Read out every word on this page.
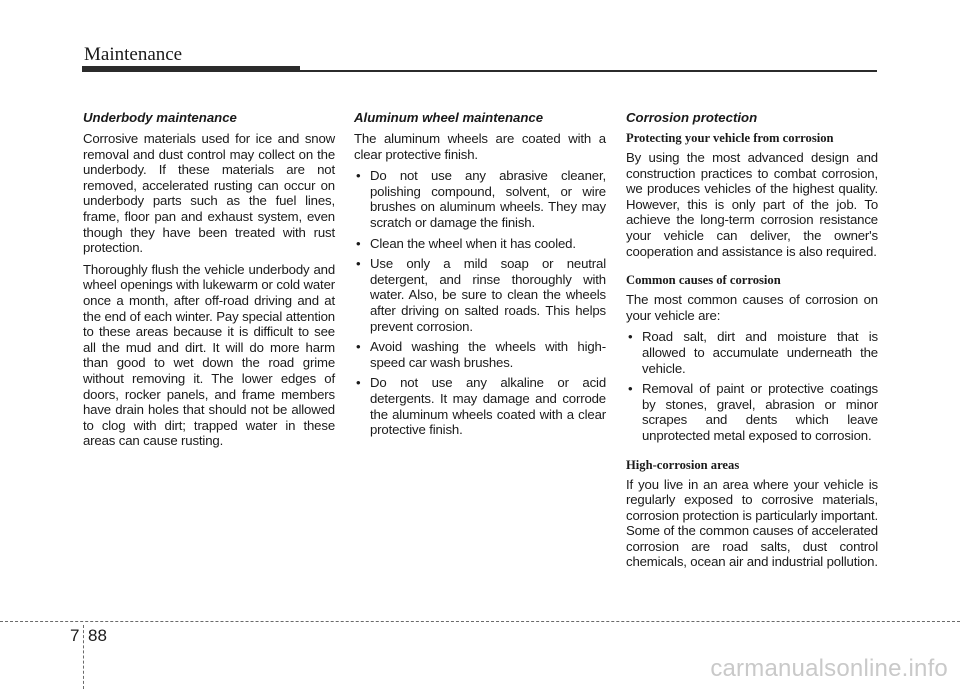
Maintenance
Underbody maintenance

Corrosive materials used for ice and snow removal and dust control may collect on the underbody. If these materials are not removed, accelerated rusting can occur on underbody parts such as the fuel lines, frame, floor pan and exhaust system, even though they have been treated with rust protection.

Thoroughly flush the vehicle underbody and wheel openings with lukewarm or cold water once a month, after off-road driving and at the end of each winter. Pay special attention to these areas because it is difficult to see all the mud and dirt. It will do more harm than good to wet down the road grime without removing it. The lower edges of doors, rocker panels, and frame members have drain holes that should not be allowed to clog with dirt; trapped water in these areas can cause rusting.

Aluminum wheel maintenance

The aluminum wheels are coated with a clear protective finish.

• Do not use any abrasive cleaner, polishing compound, solvent, or wire brushes on aluminum wheels. They may scratch or damage the finish.
• Clean the wheel when it has cooled.
• Use only a mild soap or neutral detergent, and rinse thoroughly with water. Also, be sure to clean the wheels after driving on salted roads. This helps prevent corrosion.
• Avoid washing the wheels with high-speed car wash brushes.
• Do not use any alkaline or acid detergents. It may damage and corrode the aluminum wheels coated with a clear protective finish.
Corrosion protection
Protecting your vehicle from corrosion

By using the most advanced design and construction practices to combat corrosion, we produces vehicles of the highest quality. However, this is only part of the job. To achieve the long-term corrosion resistance your vehicle can deliver, the owner's cooperation and assistance is also required.

Common causes of corrosion

The most common causes of corrosion on your vehicle are:

• Road salt, dirt and moisture that is allowed to accumulate underneath the vehicle.
• Removal of paint or protective coatings by stones, gravel, abrasion or minor scrapes and dents which leave unprotected metal exposed to corrosion.
High-corrosion areas

If you live in an area where your vehicle is regularly exposed to corrosive materials, corrosion protection is particularly important. Some of the common causes of accelerated corrosion are road salts, dust control chemicals, ocean air and industrial pollution.

7 88
carmanualsonline.info
